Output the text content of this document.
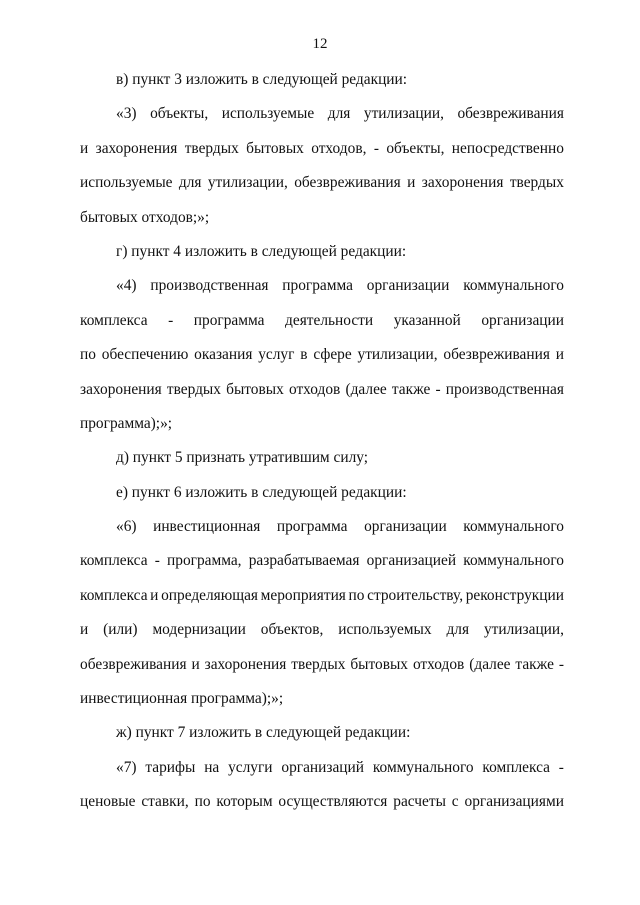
12
в) пункт 3 изложить в следующей редакции:
«3) объекты, используемые для утилизации, обезвреживания
и захоронения твердых бытовых отходов, - объекты, непосредственно
используемые для утилизации, обезвреживания и захоронения твердых
бытовых отходов;»;
г) пункт 4 изложить в следующей редакции:
«4) производственная программа организации коммунального
комплекса - программа деятельности указанной организации
по обеспечению оказания услуг в сфере утилизации, обезвреживания и
захоронения твердых бытовых отходов (далее также - производственная
программа);»;
д) пункт 5 признать утратившим силу;
е) пункт 6 изложить в следующей редакции:
«6) инвестиционная программа организации коммунального
комплекса - программа, разрабатываемая организацией коммунального
комплекса и определяющая мероприятия по строительству, реконструкции
и (или) модернизации объектов, используемых для утилизации,
обезвреживания и захоронения твердых бытовых отходов (далее также -
инвестиционная программа);»;
ж) пункт 7 изложить в следующей редакции:
«7) тарифы на услуги организаций коммунального комплекса -
ценовые ставки, по которым осуществляются расчеты с организациями
